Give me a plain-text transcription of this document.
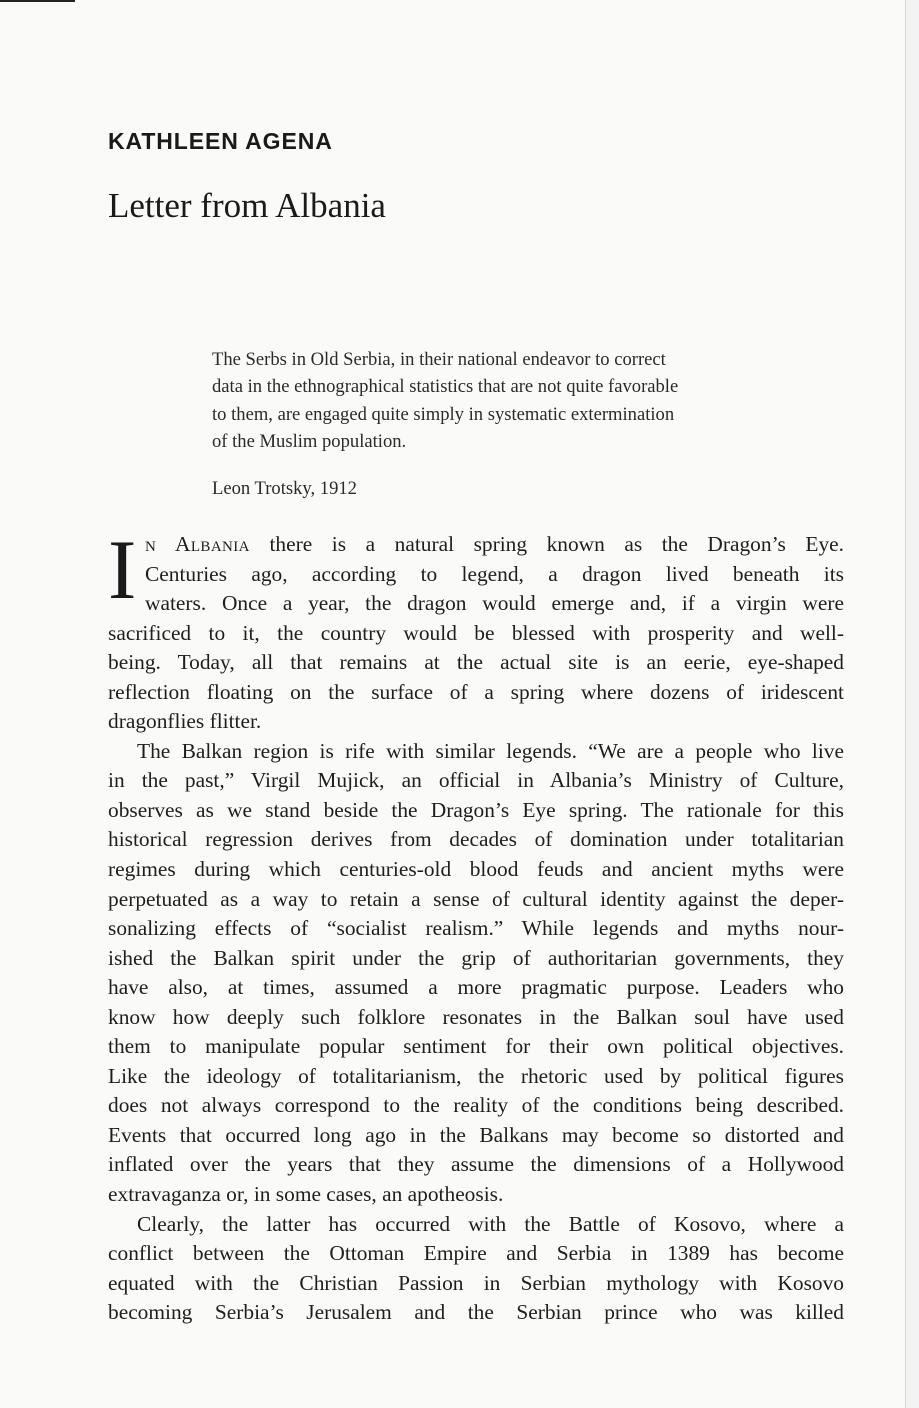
KATHLEEN AGENA
Letter from Albania

The Serbs in Old Serbia, in their national endeavor to correct
data in the ethnographical statistics that are not quite favorable
to them, are engaged quite simply in systematic extermination
of the Muslim population.

Leon Trotsky, 1912

I n Albania there is a natural spring known as the Dragon’s Eye.
Centuries ago, according to legend, a dragon lived beneath its
waters. Once a year, the dragon would emerge and, if a virgin were
sacrificed to it, the country would be blessed with prosperity and well-
being. Today, all that remains at the actual site is an eerie, eye-shaped
reflection floating on the surface of a spring where dozens of iridescent
dragonflies flitter.

The Balkan region is rife with similar legends. “We are a people who live
in the past,” Virgil Mujick, an official in Albania’s Ministry of Culture,
observes as we stand beside the Dragon’s Eye spring. The rationale for this
historical regression derives from decades of domination under totalitarian
regimes during which centuries-old blood feuds and ancient myths were
perpetuated as a way to retain a sense of cultural identity against the deper-
sonalizing effects of “socialist realism.” While legends and myths nour-
ished the Balkan spirit under the grip of authoritarian governments, they
have also, at times, assumed a more pragmatic purpose. Leaders who
know how deeply such folklore resonates in the Balkan soul have used
them to manipulate popular sentiment for their own political objectives.
Like the ideology of totalitarianism, the rhetoric used by political figures
does not always correspond to the reality of the conditions being described.
Events that occurred long ago in the Balkans may become so distorted and
inflated over the years that they assume the dimensions of a Hollywood
extravaganza or, in some cases, an apotheosis.

Clearly, the latter has occurred with the Battle of Kosovo, where a
conflict between the Ottoman Empire and Serbia in 1389 has become
equated with the Christian Passion in Serbian mythology with Kosovo
becoming Serbia’s Jerusalem and the Serbian prince who was killed
